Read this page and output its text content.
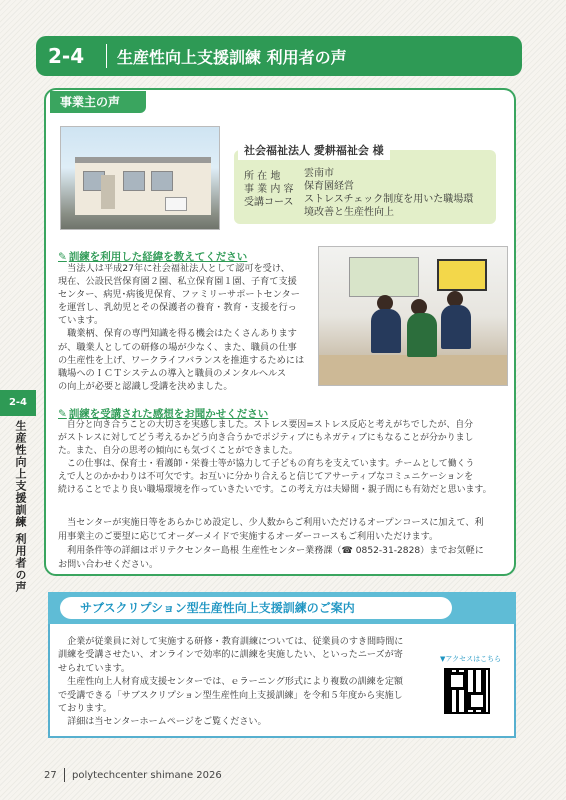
2-4	生産性向上支援訓練 利用者の声
事業主の声
社会福祉法人 愛耕福祉会 様
所 在 地	雲南市
事 業 内 容	保育園経営
受講コース	ストレスチェック制度を用いた職場環境改善と生産性向上
✎ 訓練を利用した経緯を教えてください
　当法人は平成27年に社会福祉法人として認可を受け、
現在、公設民営保育園２園、私立保育園１園、子育て支援
センター、病児･病後児保育、ファミリーサポートセンター
を運営し、乳幼児とその保護者の養育・教育・支援を行っ
ています。
　職業柄、保育の専門知識を得る機会はたくさんあります
が、職業人としての研修の場が少なく、また、職員の仕事
の生産性を上げ、ワークライフバランスを推進するためには
職場へのＩＣＴシステムの導入と職員のメンタルヘルス
の向上が必要と認識し受講を決めました。
✎ 訓練を受講された感想をお聞かせください
　自分と向き合うことの大切さを実感しました。ストレス要因=ストレス反応と考えがちでしたが、自分
がストレスに対してどう考えるかどう向き合うかでポジティブにもネガティブにもなることが分かりまし
た。また、自分の思考の傾向にも気づくことができました。
　この仕事は、保育士・看護師・栄養士等が協力して子どもの育ちを支えています。チームとして働くう
えで人とのかかわりは不可欠です。お互いに分かり合えると信じてアサーティブなコミュニケーションを
続けることでより良い職場環境を作っていきたいです。この考え方は夫婦間・親子間にも有効だと思います。
　当センターが実施日等をあらかじめ設定し、少人数からご利用いただけるオープンコースに加えて、利
用事業主のご要望に応じてオーダーメイドで実施するオーダーコースもご利用いただけます。
　利用条件等の詳細はポリテクセンター島根 生産性センター業務課（☎ 0852-31-2828）までお気軽に
お問い合わせください。
サブスクリプション型生産性向上支援訓練のご案内
　企業が従業員に対して実施する研修・教育訓練については、従業員のすき間時間に
訓練を受講させたい、オンラインで効率的に訓練を実施したい、といったニーズが寄
せられています。
　生産性向上人材育成支援センターでは、ｅラーニング形式により複数の訓練を定額
で受講できる「サブスクリプション型生産性向上支援訓練」を令和５年度から実施し
ております。
　詳細は当センターホームページをご覧ください。
▼アクセスはこちら
2-4
生産性向上支援訓練 利用者の声
27 polytechcenter shimane 2026
